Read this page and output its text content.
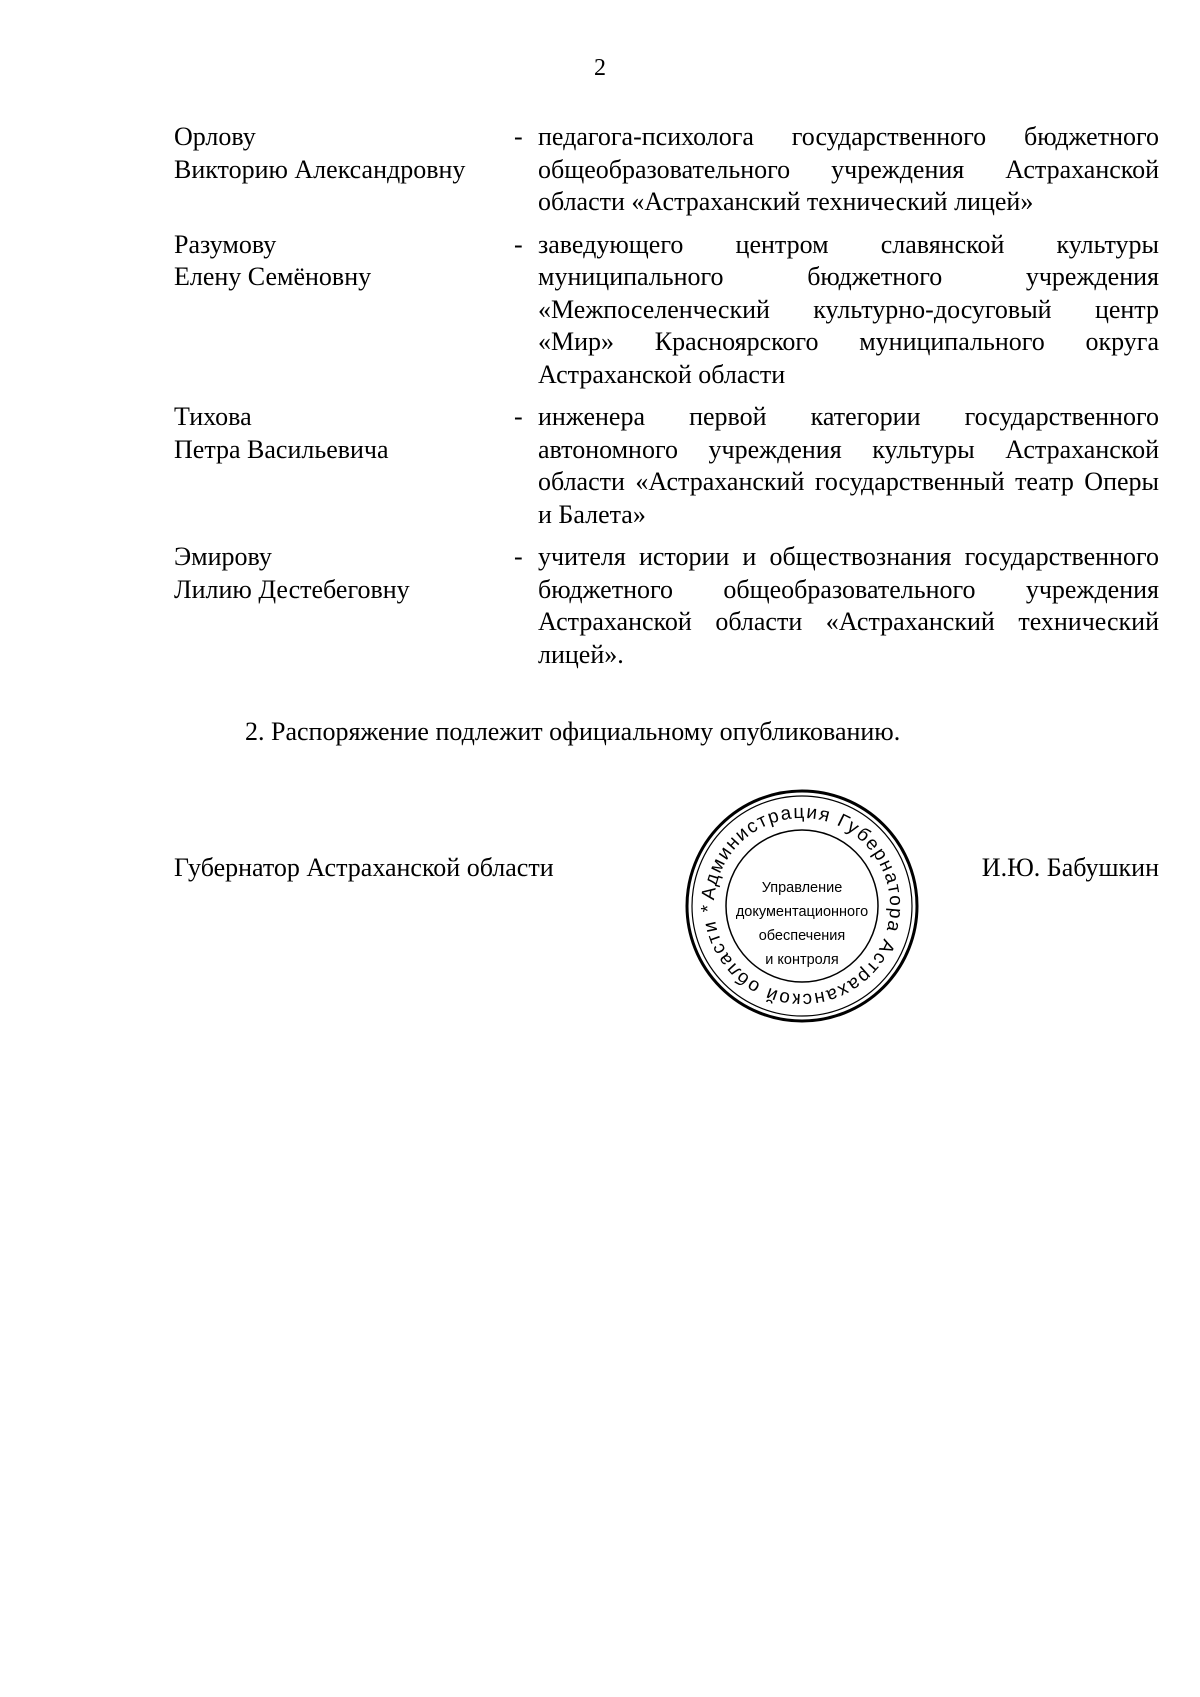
2
Орлову
Викторию Александровну
- педагога-психолога государственного бюджетного общеобразовательного учреждения Астраханской области «Астраханский технический лицей»
Разумову
Елену Семёновну
- заведующего центром славянской культуры муниципального бюджетного учреждения «Межпоселенческий культурно-досуговый центр «Мир» Красноярского муниципального округа Астраханской области
Тихова
Петра Васильевича
- инженера первой категории государственного автономного учреждения культуры Астраханской области «Астраханский государственный театр Оперы и Балета»
Эмирову
Лилию Дестебеговну
- учителя истории и обществознания государственного бюджетного общеобразовательного учреждения Астраханской области «Астраханский технический лицей».
2. Распоряжение подлежит официальному опубликованию.
Губернатор Астраханской области	И.Ю. Бабушкин
Администрация Губернатора Астраханской области *
Управление
документационного
обеспечения
и контроля
